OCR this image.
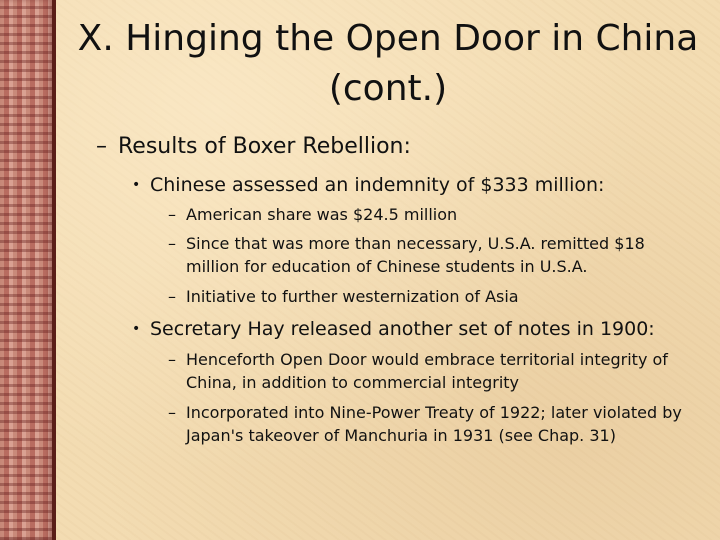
X. Hinging the Open Door in China
(cont.)
– Results of Boxer Rebellion:
• Chinese assessed an indemnity of $333 million:
– American share was $24.5 million
– Since that was more than necessary, U.S.A. remitted $18 million for education of Chinese students in U.S.A.
– Initiative to further westernization of Asia
• Secretary Hay released another set of notes in 1900:
– Henceforth Open Door would embrace territorial integrity of China, in addition to commercial integrity
– Incorporated into Nine-Power Treaty of 1922; later violated by Japan's takeover of Manchuria in 1931 (see Chap. 31)
